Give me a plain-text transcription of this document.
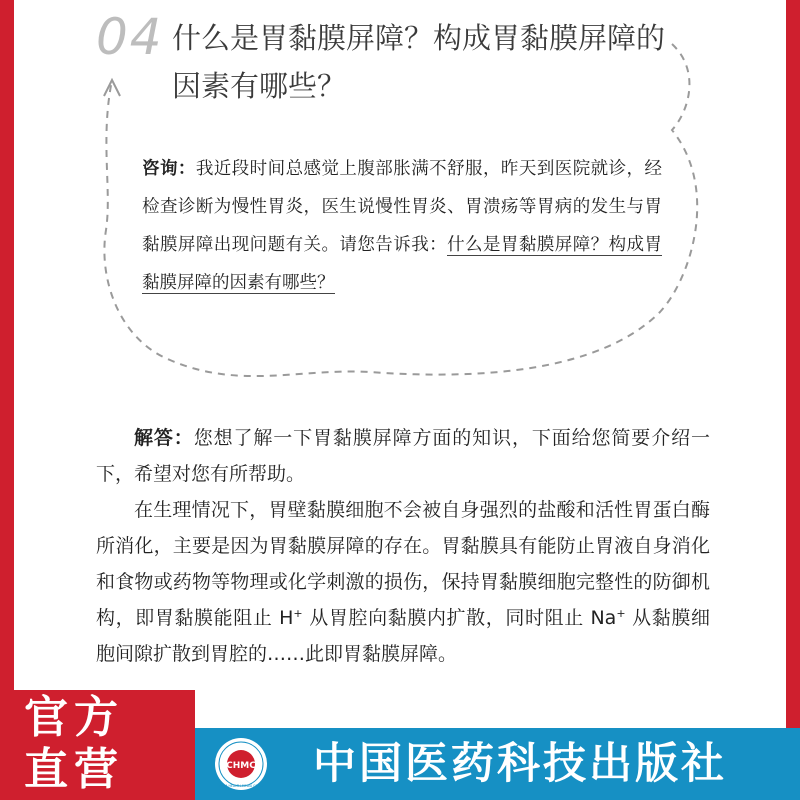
04 什么是胃黏膜屏障？构成胃黏膜屏障的因素有哪些？
咨询：我近段时间总感觉上腹部胀满不舒服，昨天到医院就诊，经检查诊断为慢性胃炎，医生说慢性胃炎、胃溃疡等胃病的发生与胃黏膜屏障出现问题有关。请您告诉我：什么是胃黏膜屏障？构成胃黏膜屏障的因素有哪些？

解答：您想了解一下胃黏膜屏障方面的知识，下面给您简要介绍一下，希望对您有所帮助。

在生理情况下，胃壁黏膜细胞不会被自身强烈的盐酸和活性胃蛋白酶所消化，主要是因为胃黏膜屏障的存在。胃黏膜具有能防止胃液自身消化和食物或药物等物理或化学刺激的损伤，保持胃黏膜细胞完整性的防御机构，即胃黏膜能阻止 H+ 从胃腔向黏膜内扩散，同时阻止 Na+ 从黏膜细胞间隙扩散到胃腔的……此即胃黏膜屏障。

官方
直营	CHMC
CHINA HEALTH MEDIA GROUP 中国医药科技出版社
